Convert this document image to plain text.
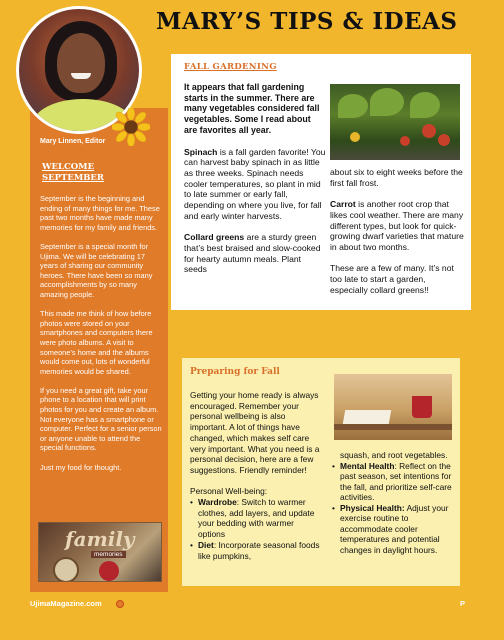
MARY’S TIPS & IDEAS
Mary Linnen, Editor
WELCOME
SEPTEMBER

September is the beginning and ending of many things for me. These past two months have made many memories for my family and friends.

September is a special month for Ujima. We will be celebrating 17 years of sharing our community heroes. There have been so many accomplishments by so many amazing people.

This made me think of how before photos were stored on your smartphones and computers there were photo albums. A visit to someone’s home and the albums would come out, lots of wonderful memories would be shared.

If you need a great gift, take your phone to a location that will print photos for you and create an album. Not everyone has a smartphone or computer. Perfect for a senior person or anyone unable to attend the special functions.

Just my food for thought.

family
memories
FALL GARDENING

It appears that fall gardening starts in the summer. There are many vegetables considered fall vegetables. Some I read about are favorites all year.

Spinach is a fall garden favorite! You can harvest baby spinach in as little as three weeks. Spinach needs cooler temperatures, so plant in mid to late summer or early fall, depending on where you live, for fall and early winter harvests.

Collard greens are a sturdy green that’s best braised and slow-cooked for hearty autumn meals. Plant seeds

about six to eight weeks before the first fall frost.

Carrot is another root crop that likes cool weather. There are many different types, but look for quick-growing dwarf varieties that mature in about two months.

These are a few of many. It’s not too late to start a garden, especially collard greens!!

Preparing for Fall

Getting your home ready is always encouraged. Remember your personal wellbeing is also important. A lot of things have changed, which makes self care very important. What you need is a personal decision, here are a few suggestions. Friendly reminder!

Personal Well-being:
• Wardrobe: Switch to warmer clothes, add layers, and update your bedding with warmer options
• Diet: Incorporate seasonal foods like pumpkins,
squash, and root vegetables.
• Mental Health: Reflect on the past season, set intentions for the fall, and prioritize self-care activities.
• Physical Health: Adjust your exercise routine to accommodate cooler temperatures and potential changes in daylight hours.
UjimaMagazine.com	P
